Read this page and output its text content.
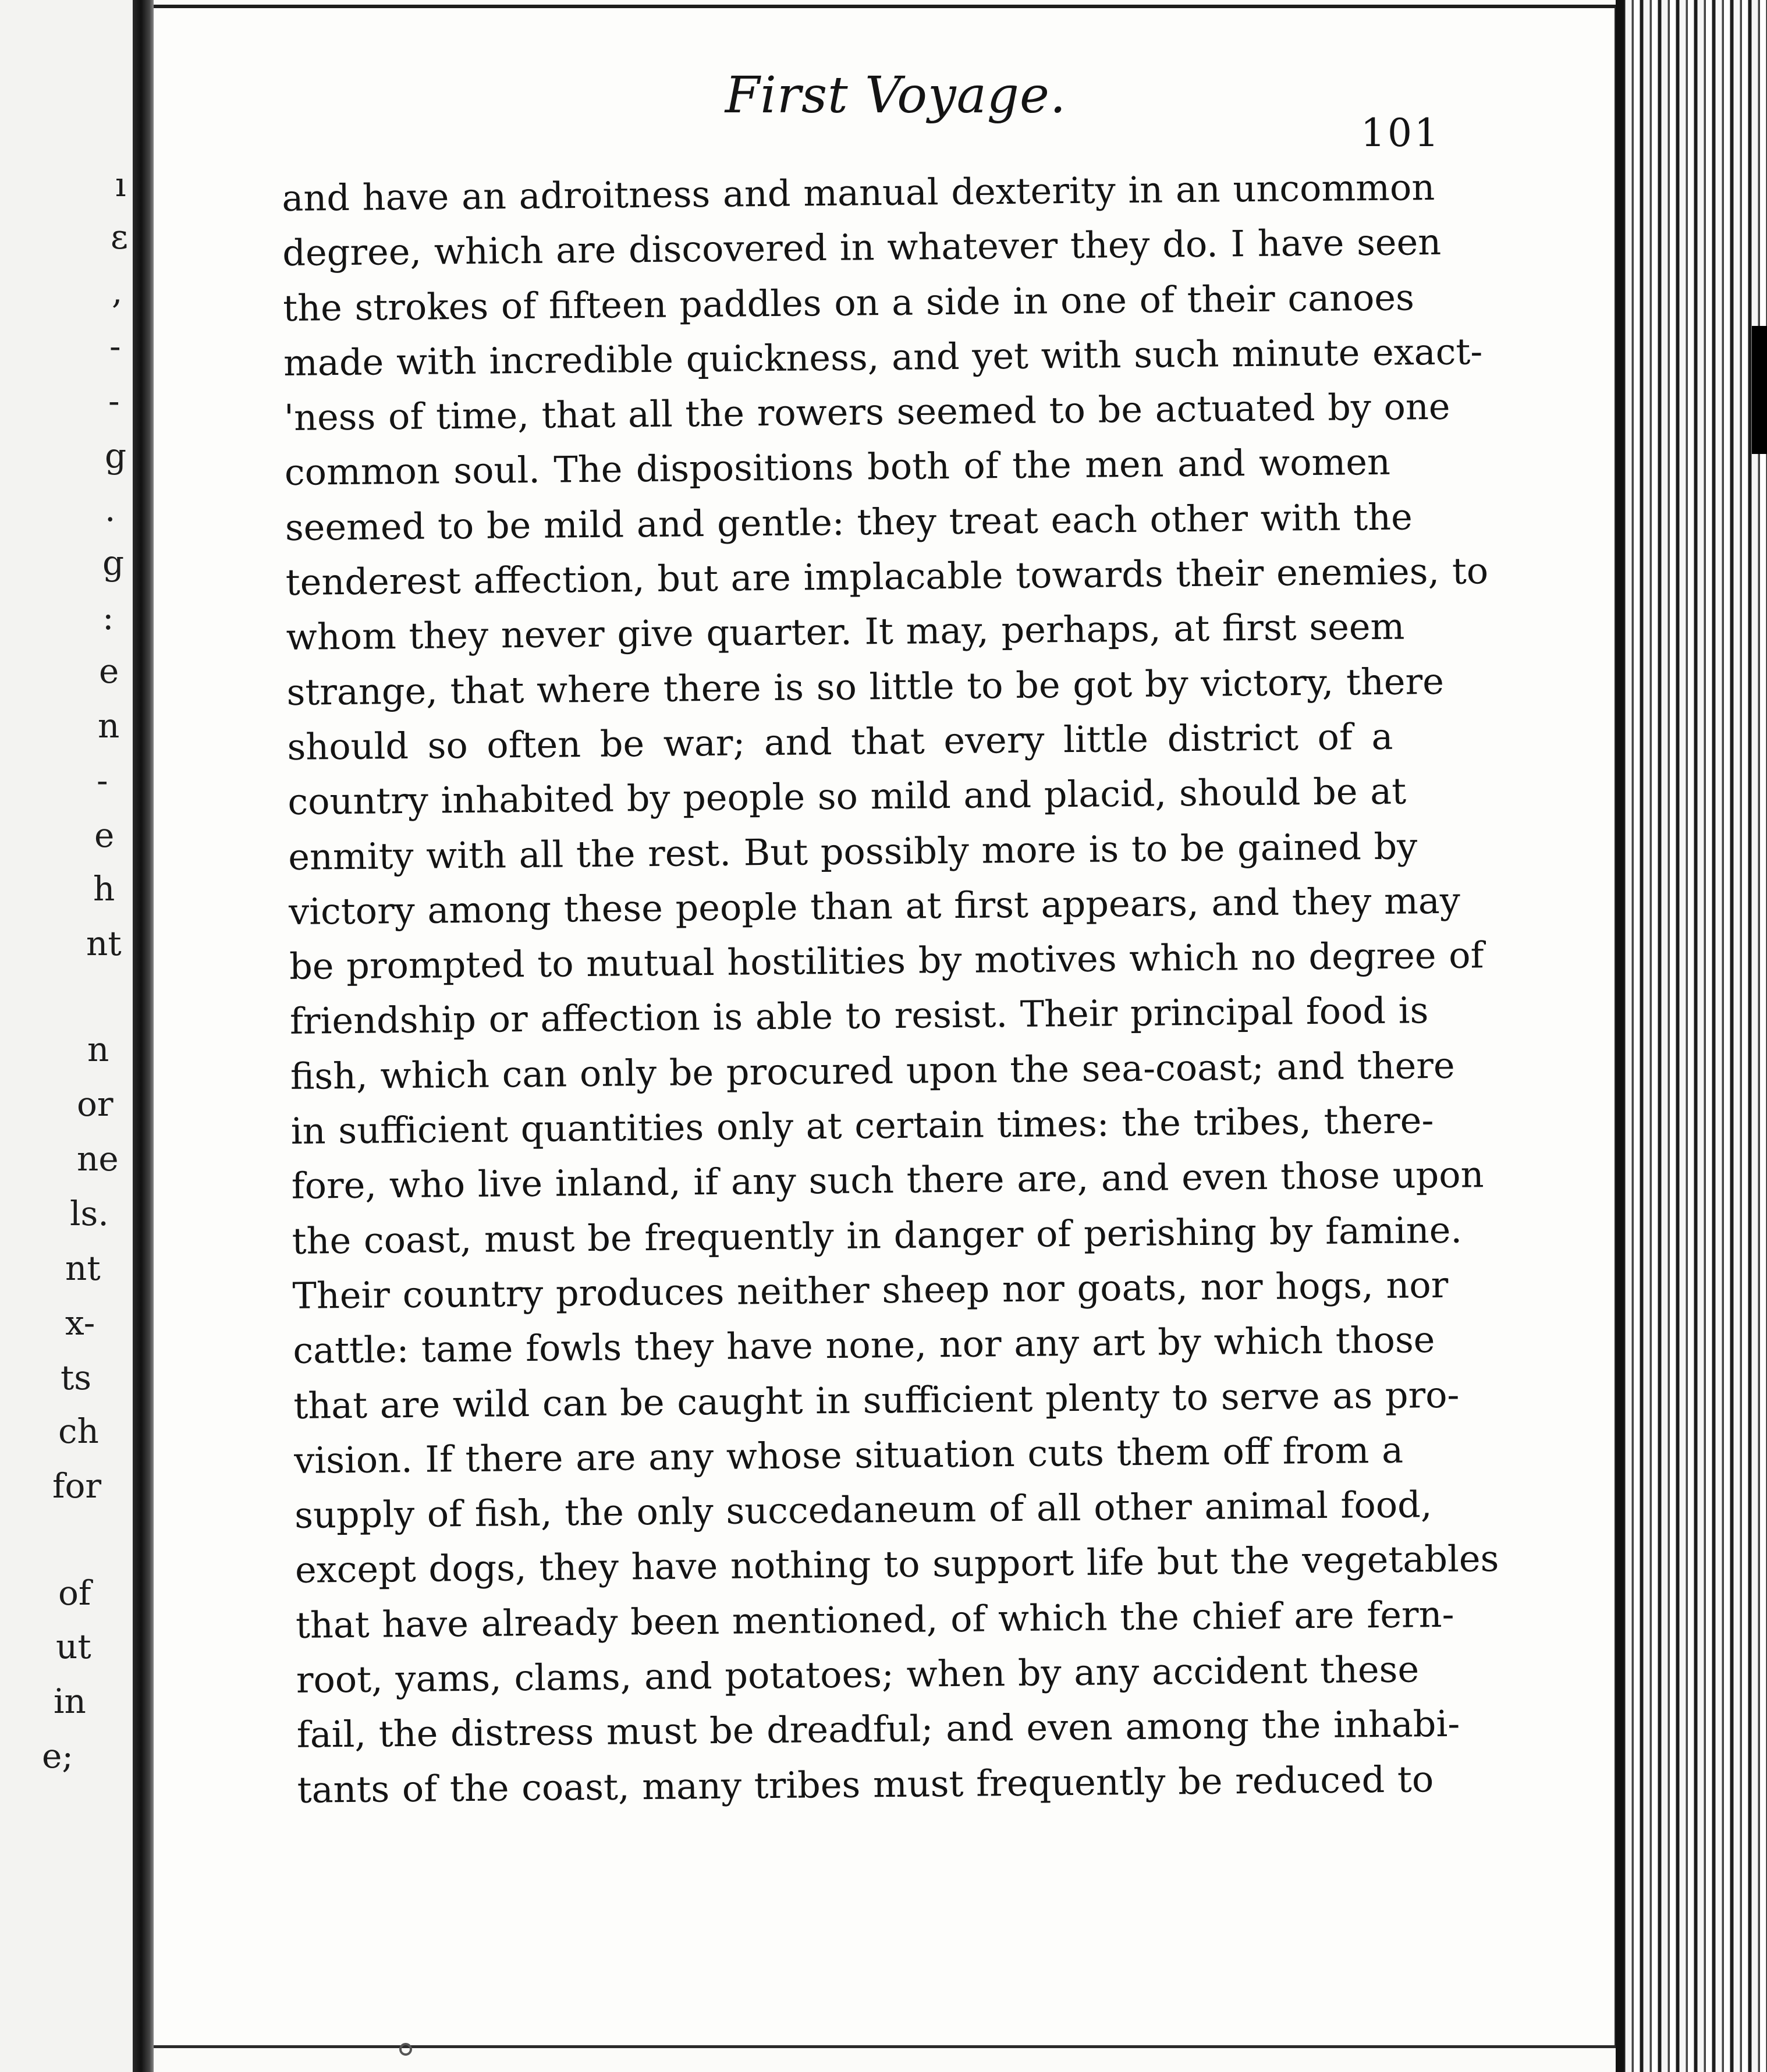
ı
ɛ
,
-
-
g
.
g
:
e
n
-
e
h
nt
n
or
ne
ls.
nt
x-
ts
ch
for
of
ut
in
e;
First Voyage.
101
and have an adroitness and manual dexterity in an uncommon
degree, which are discovered in whatever they do. I have seen
the strokes of fifteen paddles on a side in one of their canoes
made with incredible quickness, and yet with such minute exact-
'ness of time, that all the rowers seemed to be actuated by one
common soul. The dispositions both of the men and women
seemed to be mild and gentle: they treat each other with the
tenderest affection, but are implacable towards their enemies, to
whom they never give quarter. It may, perhaps, at first seem
strange, that where there is so little to be got by victory, there
should so often be war; and that every little district of a
country inhabited by people so mild and placid, should be at
enmity with all the rest. But possibly more is to be gained by
victory among these people than at first appears, and they may
be prompted to mutual hostilities by motives which no degree of
friendship or affection is able to resist. Their principal food is
fish, which can only be procured upon the sea-coast; and there
in sufficient quantities only at certain times: the tribes, there-
fore, who live inland, if any such there are, and even those upon
the coast, must be frequently in danger of perishing by famine.
Their country produces neither sheep nor goats, nor hogs, nor
cattle: tame fowls they have none, nor any art by which those
that are wild can be caught in sufficient plenty to serve as pro-
vision. If there are any whose situation cuts them off from a
supply of fish, the only succedaneum of all other animal food,
except dogs, they have nothing to support life but the vegetables
that have already been mentioned, of which the chief are fern-
root, yams, clams, and potatoes; when by any accident these
fail, the distress must be dreadful; and even among the inhabi-
tants of the coast, many tribes must frequently be reduced to
